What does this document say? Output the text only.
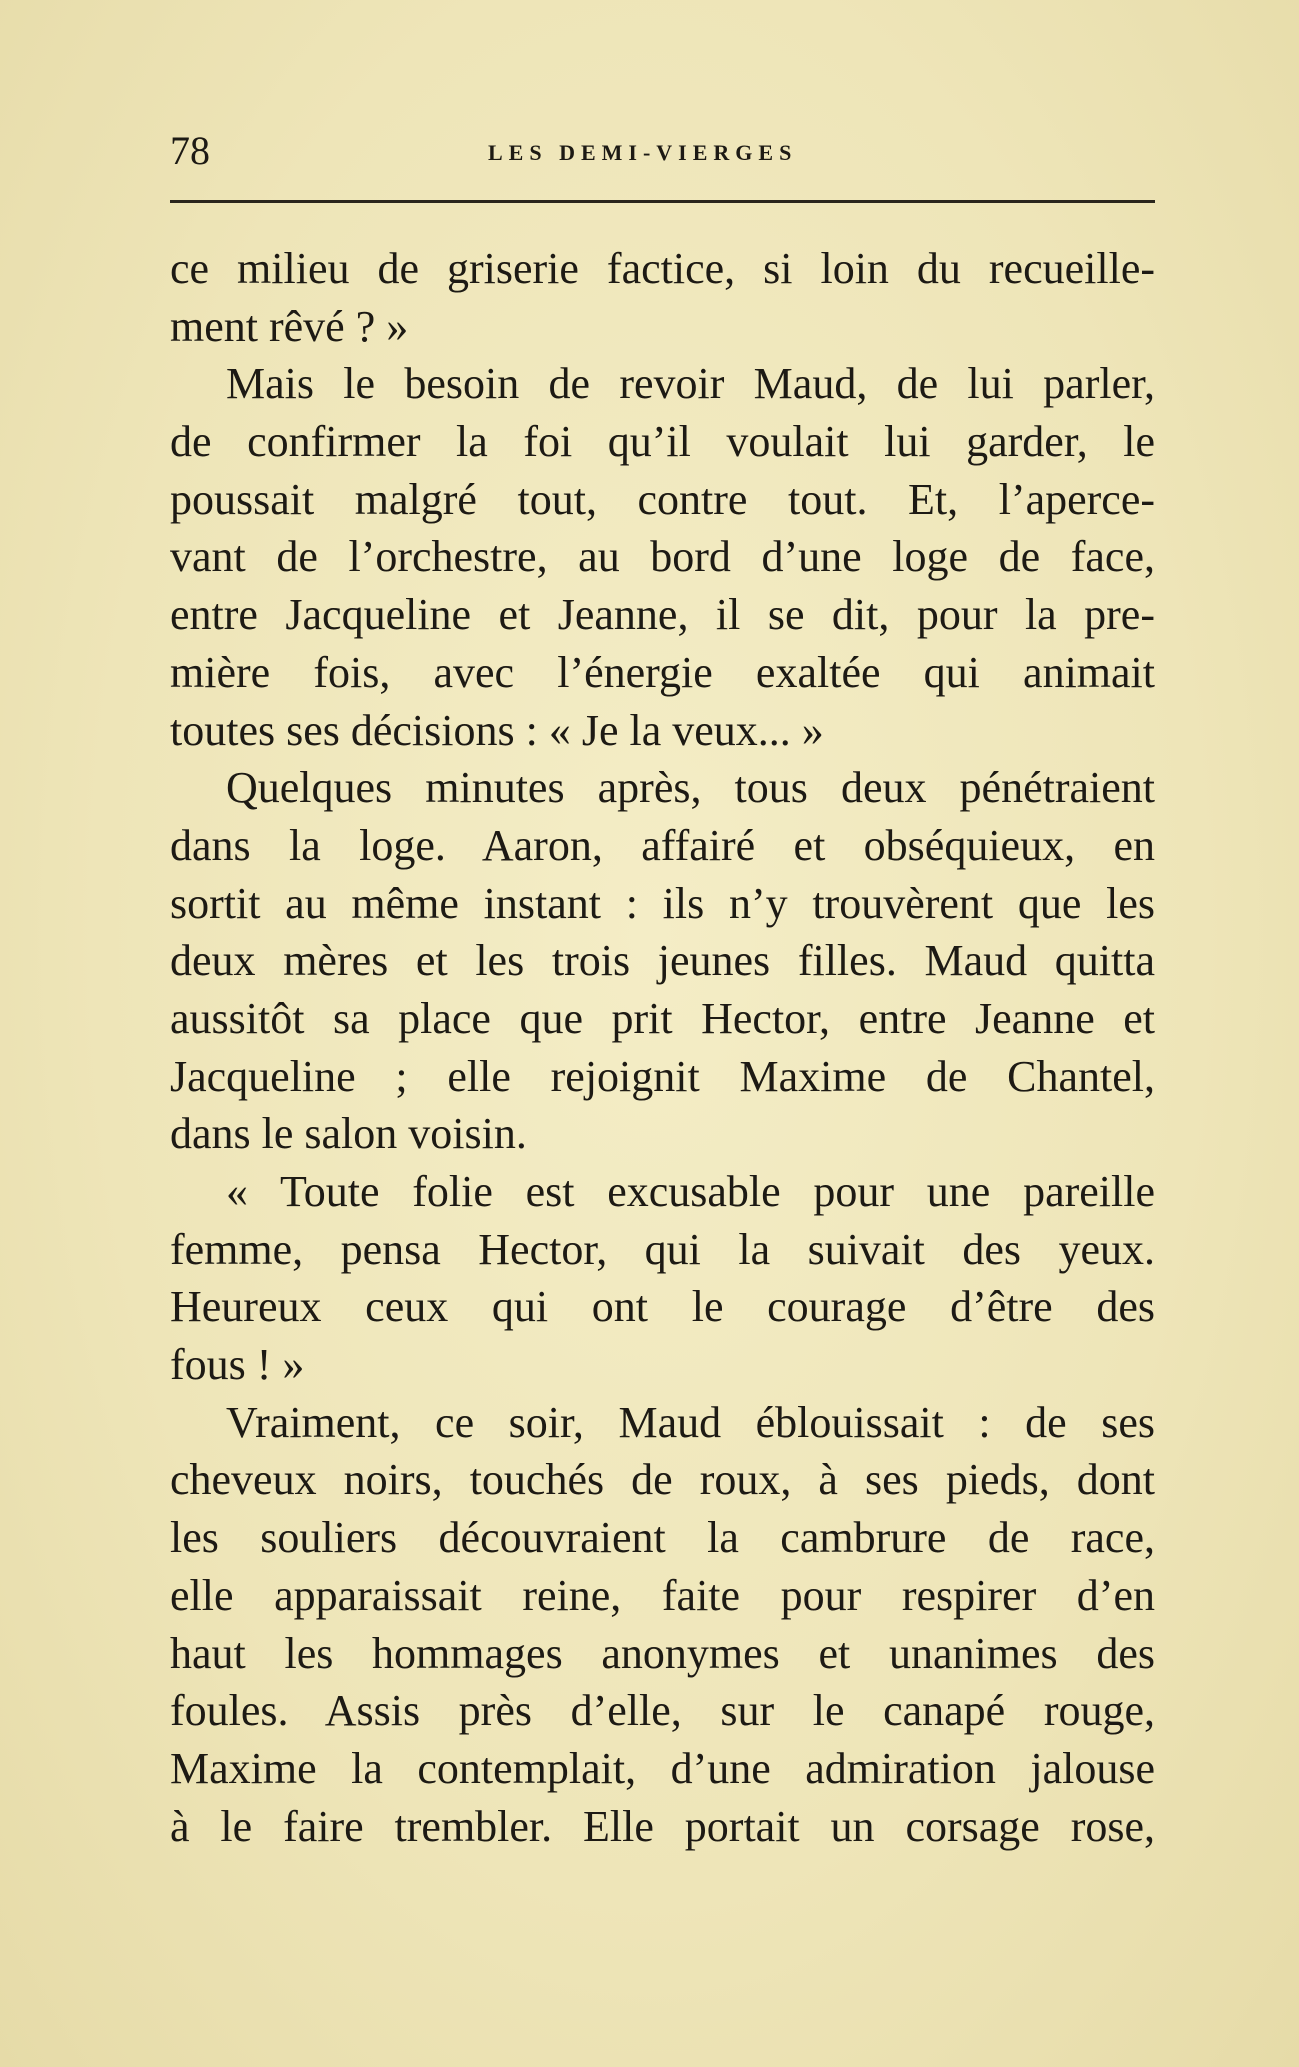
78	LES DEMI-VIERGES
ce milieu de griserie factice, si loin du recueille-
ment rêvé ? »
Mais le besoin de revoir Maud, de lui parler,
de confirmer la foi qu’il voulait lui garder, le
poussait malgré tout, contre tout. Et, l’aperce-
vant de l’orchestre, au bord d’une loge de face,
entre Jacqueline et Jeanne, il se dit, pour la pre-
mière fois, avec l’énergie exaltée qui animait
toutes ses décisions : « Je la veux... »
Quelques minutes après, tous deux pénétraient
dans la loge. Aaron, affairé et obséquieux, en
sortit au même instant : ils n’y trouvèrent que les
deux mères et les trois jeunes filles. Maud quitta
aussitôt sa place que prit Hector, entre Jeanne et
Jacqueline ; elle rejoignit Maxime de Chantel,
dans le salon voisin.
« Toute folie est excusable pour une pareille
femme, pensa Hector, qui la suivait des yeux.
Heureux ceux qui ont le courage d’être des
fous ! »
Vraiment, ce soir, Maud éblouissait : de ses
cheveux noirs, touchés de roux, à ses pieds, dont
les souliers découvraient la cambrure de race,
elle apparaissait reine, faite pour respirer d’en
haut les hommages anonymes et unanimes des
foules. Assis près d’elle, sur le canapé rouge,
Maxime la contemplait, d’une admiration jalouse
à le faire trembler. Elle portait un corsage rose,
